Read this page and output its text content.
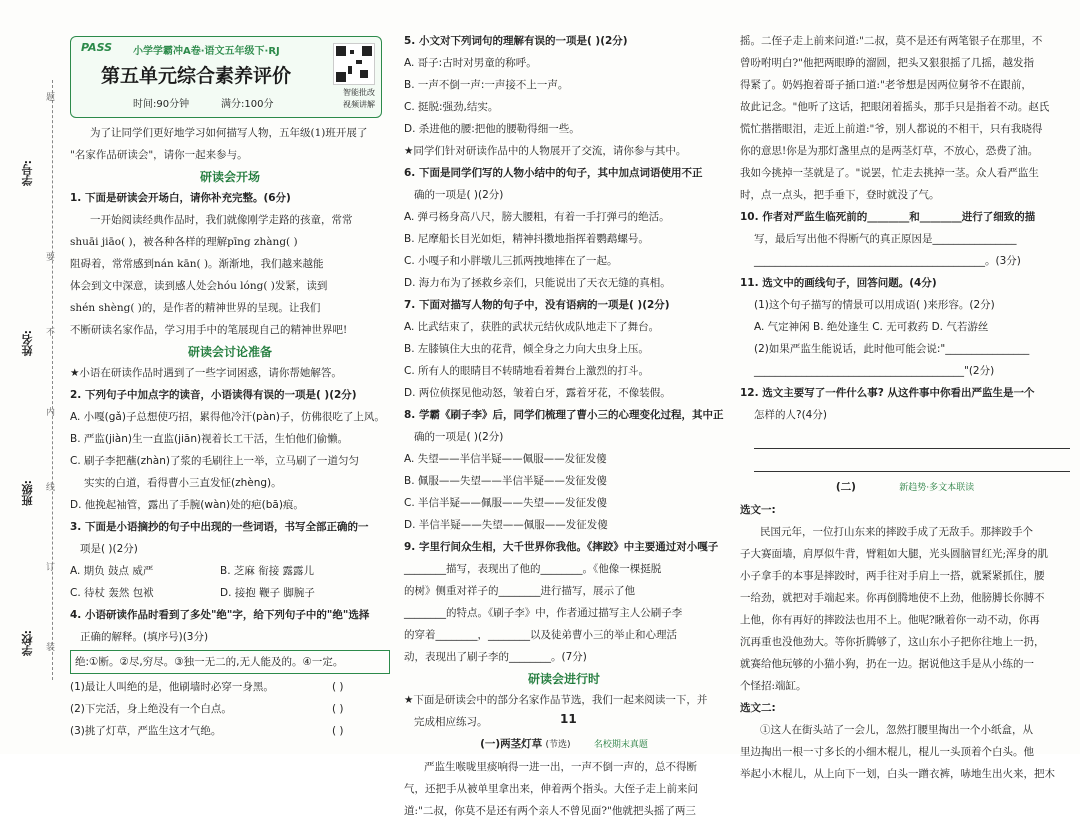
学号:
姓名:
班级:
学校:
题
要
不
内
线
订
装
PASS 小学学霸冲A卷·语文五年级下·RJ
第五单元综合素养评价
时间:90分钟	满分:100分
智能批改
视频讲解

为了让同学们更好地学习如何描写人物，五年级(1)班开展了

"名家作品研读会"，请你一起来参与。

研读会开场

1. 下面是研读会开场白，请你补充完整。(6分)

一开始阅读经典作品时，我们就像刚学走路的孩童，常常

shuāi jiāo( )，被各种各样的理解pīng zhàng( )

阻碍着，常常感到nán kān( )。渐渐地，我们越来越能

体会到文中深意，读到感人处会hóu lóng( )发紧，读到

shén shèng( )的，是作者的精神世界的呈现。让我们

不断研读名家作品，学习用手中的笔展现自己的精神世界吧!

研读会讨论准备

★小语在研读作品时遇到了一些字词困惑，请你帮她解答。

2. 下列句子中加点字的读音，小语读得有误的一项是( )(2分)

A. 小嘎(gǎ)子总想使巧招，累得他冷汗(pàn)子，仿佛很吃了上风。

B. 严监(jiàn)生一直监(jiān)视着长工干活，生怕他们偷懒。

C. 刷子李把蘸(zhàn)了浆的毛刷往上一举，立马刷了一道匀匀

实实的白道，看得曹小三直发怔(zhèng)。

D. 他挽起袖管，露出了手腕(wàn)处的疤(bā)痕。

3. 下面是小语摘抄的句子中出现的一些词语，书写全部正确的一

项是( )(2分)

A. 期负 鼓点 威严	B. 芝麻 衔接 露露儿

C. 待杖 轰然 包袱	D. 接抱 鞭子 脚腕子

4. 小语研读作品时看到了多处"绝"字，给下列句子中的"绝"选择

正确的解释。(填序号)(3分)

绝:①断。②尽,穷尽。③独一无二的,无人能及的。④一定。

(1)最让人叫绝的是，他刷墙时必穿一身黑。	( )

(2)下完活，身上绝没有一个白点。	( )

(3)挑了灯草，严监生这才气绝。	( )

5. 小文对下列词句的理解有误的一项是( )(2分)

A. 哥子:古时对男童的称呼。

B. 一声不倒一声:一声接不上一声。

C. 挺脱:强劲,结实。

D. 杀进他的腰:把他的腰勒得细一些。

★同学们针对研读作品中的人物展开了交流，请你参与其中。

6. 下面是同学们写的人物小结中的句子，其中加点词语使用不正

确的一项是( )(2分)

A. 弹弓杨身高八尺，膀大腰粗，有着一手打弹弓的绝活。

B. 尼摩船长目光如炬，精神抖擞地指挥着鹦鹉螺号。

C. 小嘎子和小胖墩儿三抓两拽地摔在了一起。

D. 海力布为了拯救乡亲们，只能说出了天衣无缝的真相。

7. 下面对描写人物的句子中，没有语病的一项是( )(2分)

A. 比武结束了，获胜的武状元结伙成队地走下了舞台。

B. 左膝镇住大虫的花背，倾全身之力向大虫身上压。

C. 所有人的眼睛目不转睛地看着舞台上激烈的打斗。

D. 两位侦探见他动怒，皱着白牙，露着牙花，不像装假。

8. 学霸《刷子李》后，同学们梳理了曹小三的心理变化过程，其中正

确的一项是( )(2分)

A. 失望——半信半疑——佩服——发征发傻

B. 佩服——失望——半信半疑——发征发傻

C. 半信半疑——佩服——失望——发征发傻

D. 半信半疑——失望——佩服——发征发傻

9. 字里行间众生相，大千世界你我他。《摔跤》中主要通过对小嘎子

________描写，表现出了他的________。《他像一棵挺脱

的树》侧重对祥子的________进行描写，展示了他

________的特点。《刷子李》中，作者通过描写主人公刷子李

的穿着________，________以及徒弟曹小三的举止和心理活

动，表现出了刷子李的________。(7分)

研读会进行时

★下面是研读会中的部分名家作品节选，我们一起来阅读一下，并

完成相应练习。

(一)两茎灯草 (节选)	名校期末真题

严监生喉咙里痰响得一进一出，一声不倒一声的，总不得断

气，还把手从被单里拿出来，伸着两个指头。大侄子走上前来问

道:"二叔，你莫不是还有两个亲人不曾见面?"他就把头摇了两三

11

摇。二侄子走上前来问道:"二叔，莫不是还有两笔银子在那里，不

曾吩咐明白?"他把两眼睁的溜圆，把头又狠狠摇了几摇，越发指

得紧了。奶妈抱着哥子插口道:"老爷想是因两位舅爷不在跟前，

故此记念。"他听了这话，把眼闭着摇头，那手只是指着不动。赵氏

慌忙揩揩眼泪，走近上前道:"爷，别人都说的不相干，只有我晓得

你的意思!你是为那灯盏里点的是两茎灯草，不放心，恐费了油。

我如今挑掉一茎就是了。"说罢，忙走去挑掉一茎。众人看严监生

时，点一点头，把手垂下，登时就没了气。

10. 作者对严监生临死前的________和________进行了细致的描

写，最后写出他不得断气的真正原因是________________

____________________________________________。(3分)

11. 选文中的画线句子，回答问题。(4分)

(1)这个句子描写的情景可以用成语( )来形容。(2分)

A. 气定神闲 B. 绝处逢生 C. 无可救药 D. 气若游丝

(2)如果严监生能说话，此时他可能会说:"________________

________________________________________"(2分)

12. 选文主要写了一件什么事? 从这件事中你看出严监生是一个

怎样的人?(4分)

(二)	新趋势·多文本联读

选文一:

民国元年，一位打山东来的摔跤手成了无敌手。那摔跤手个

子大赛面墙，肩厚似牛背，臂粗如大腿，光头圆脑冒红光;浑身的肌

小子拿手的本事是摔跤时，两手往对手肩上一搭，就紧紧抓住，腰

一给劲，就把对手端起来。你再倒腾地使不上劲，他膀膊长你膊不

上他，你有再好的摔跤法也用不上。他呢?瞅着你一动不动，你再

沉再重也没他劲大。等你折腾够了，这山东小子把你往地上一扔，

就赛给他玩够的小猫小狗，扔在一边。据说他这手是从小练的一

个怪招:端缸。

选文二:

①这人在街头站了一会儿，忽然打腰里掏出一个小纸盒，从

里边掏出一根一寸多长的小细木棍儿，棍儿一头顶着个白头。他

举起小木棍儿，从上向下一划，白头一蹭衣裤，哧地生出火来，把木
